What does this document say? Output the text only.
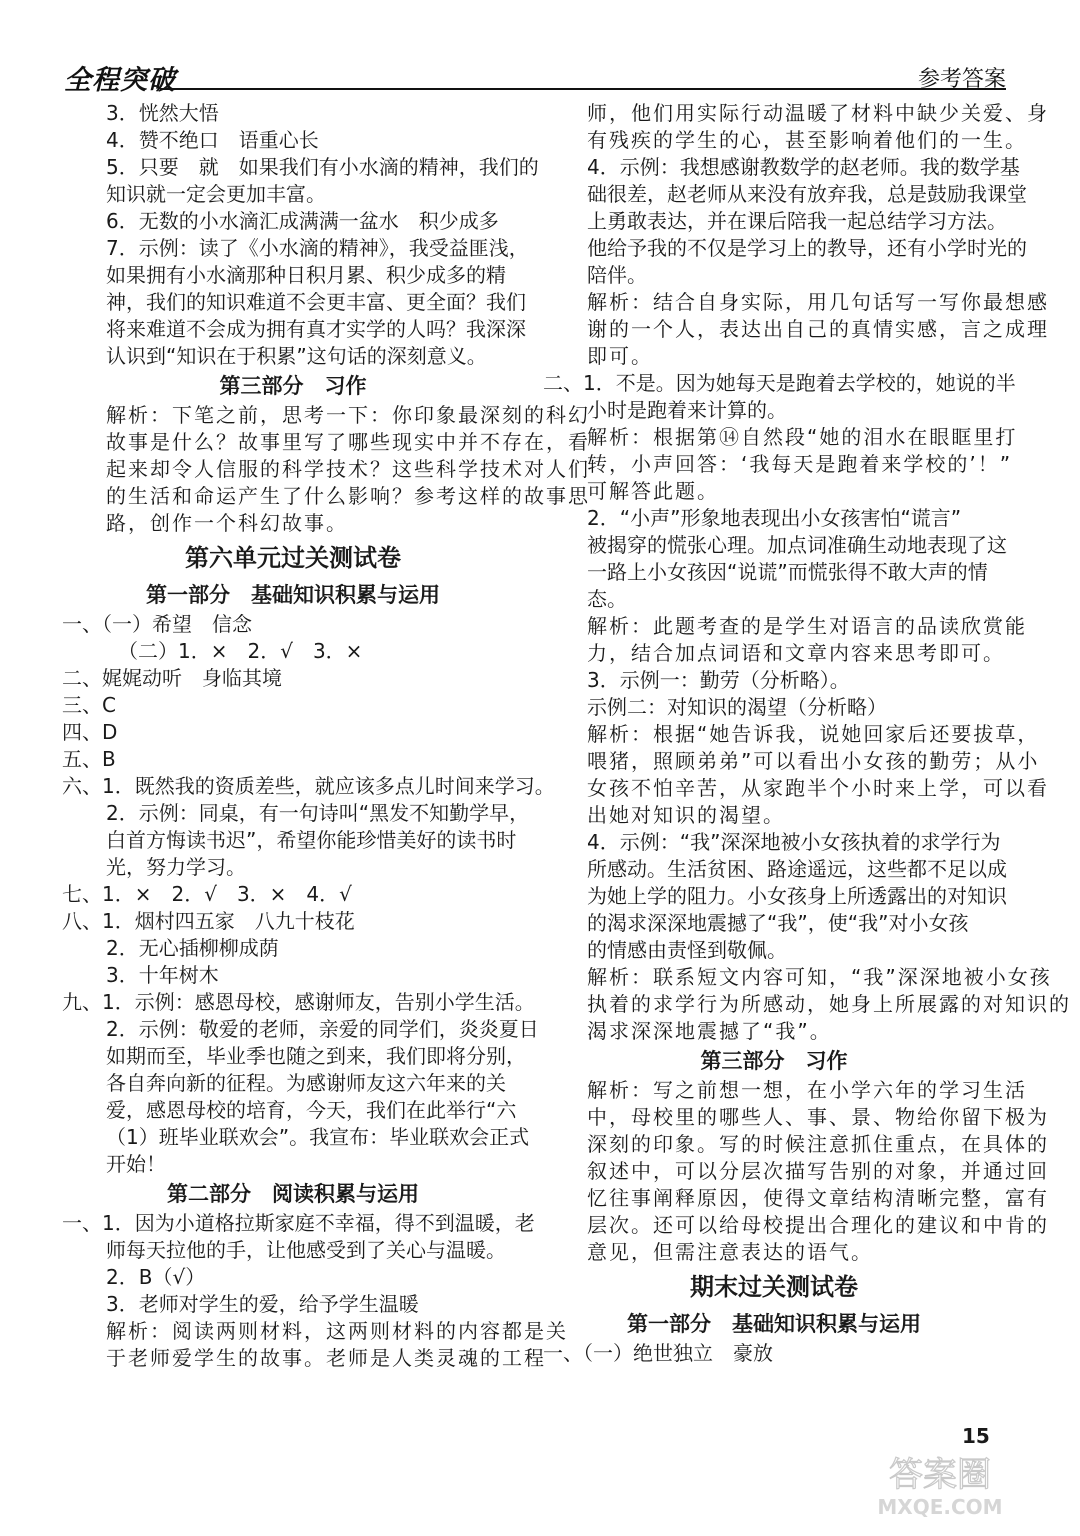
全程突破	参考答案
3．恍然大悟
4．赞不绝口　语重心长
5．只要　就　如果我们有小水滴的精神，我们的
知识就一定会更加丰富。
6．无数的小水滴汇成满满一盆水　积少成多
7．示例：读了《小水滴的精神》，我受益匪浅，
如果拥有小水滴那种日积月累、积少成多的精
神，我们的知识难道不会更丰富、更全面？我们
将来难道不会成为拥有真才实学的人吗？我深深
认识到“知识在于积累”这句话的深刻意义。
第三部分　习作
解析：下笔之前，思考一下：你印象最深刻的科幻
故事是什么？故事里写了哪些现实中并不存在，看
起来却令人信服的科学技术？这些科学技术对人们
的生活和命运产生了什么影响？参考这样的故事思
路，创作一个科幻故事。
第六单元过关测试卷
第一部分　基础知识积累与运用
一、（一）希望　信念
（二）1．×　2．√　3．×
二、娓娓动听　身临其境
三、C
四、D
五、B
六、1．既然我的资质差些，就应该多点儿时间来学习。
2．示例：同桌，有一句诗叫“黑发不知勤学早，
白首方悔读书迟”，希望你能珍惜美好的读书时
光，努力学习。
七、1．×　2．√　3．×　4．√
八、1．烟村四五家　八九十枝花
2．无心插柳柳成荫
3．十年树木
九、1．示例：感恩母校，感谢师友，告别小学生活。
2．示例：敬爱的老师，亲爱的同学们，炎炎夏日
如期而至，毕业季也随之到来，我们即将分别，
各自奔向新的征程。为感谢师友这六年来的关
爱，感恩母校的培育，今天，我们在此举行“六
（1）班毕业联欢会”。我宣布：毕业联欢会正式
开始！
第二部分　阅读积累与运用
一、1．因为小道格拉斯家庭不幸福，得不到温暖，老
师每天拉他的手，让他感受到了关心与温暖。
2．B（√）
3．老师对学生的爱，给予学生温暖
解析：阅读两则材料，这两则材料的内容都是关
于老师爱学生的故事。老师是人类灵魂的工程
师，他们用实际行动温暖了材料中缺少关爱、身
有残疾的学生的心，甚至影响着他们的一生。
4．示例：我想感谢教数学的赵老师。我的数学基
础很差，赵老师从来没有放弃我，总是鼓励我课堂
上勇敢表达，并在课后陪我一起总结学习方法。
他给予我的不仅是学习上的教导，还有小学时光的
陪伴。
解析：结合自身实际，用几句话写一写你最想感
谢的一个人，表达出自己的真情实感，言之成理
即可。
二、1．不是。因为她每天是跑着去学校的，她说的半
小时是跑着来计算的。
解析：根据第⑭自然段“她的泪水在眼眶里打
转，小声回答：‘我每天是跑着来学校的’！”
可解答此题。
2．“小声”形象地表现出小女孩害怕“谎言”
被揭穿的慌张心理。加点词准确生动地表现了这
一路上小女孩因“说谎”而慌张得不敢大声的情
态。
解析：此题考查的是学生对语言的品读欣赏能
力，结合加点词语和文章内容来思考即可。
3．示例一：勤劳（分析略）。
示例二：对知识的渴望（分析略）
解析：根据“她告诉我，说她回家后还要拔草，
喂猪，照顾弟弟”可以看出小女孩的勤劳；从小
女孩不怕辛苦，从家跑半个小时来上学，可以看
出她对知识的渴望。
4．示例：“我”深深地被小女孩执着的求学行为
所感动。生活贫困、路途遥远，这些都不足以成
为她上学的阻力。小女孩身上所透露出的对知识
的渴求深深地震撼了“我”，使“我”对小女孩
的情感由责怪到敬佩。
解析：联系短文内容可知，“我”深深地被小女孩
执着的求学行为所感动，她身上所展露的对知识的
渴求深深地震撼了“我”。
第三部分　习作
解析：写之前想一想，在小学六年的学习生活
中，母校里的哪些人、事、景、物给你留下极为
深刻的印象。写的时候注意抓住重点，在具体的
叙述中，可以分层次描写告别的对象，并通过回
忆往事阐释原因，使得文章结构清晰完整，富有
层次。还可以给母校提出合理化的建议和中肯的
意见，但需注意表达的语气。
期末过关测试卷
第一部分　基础知识积累与运用
一、（一）绝世独立　豪放
15
答案圈
MXQE.COM
